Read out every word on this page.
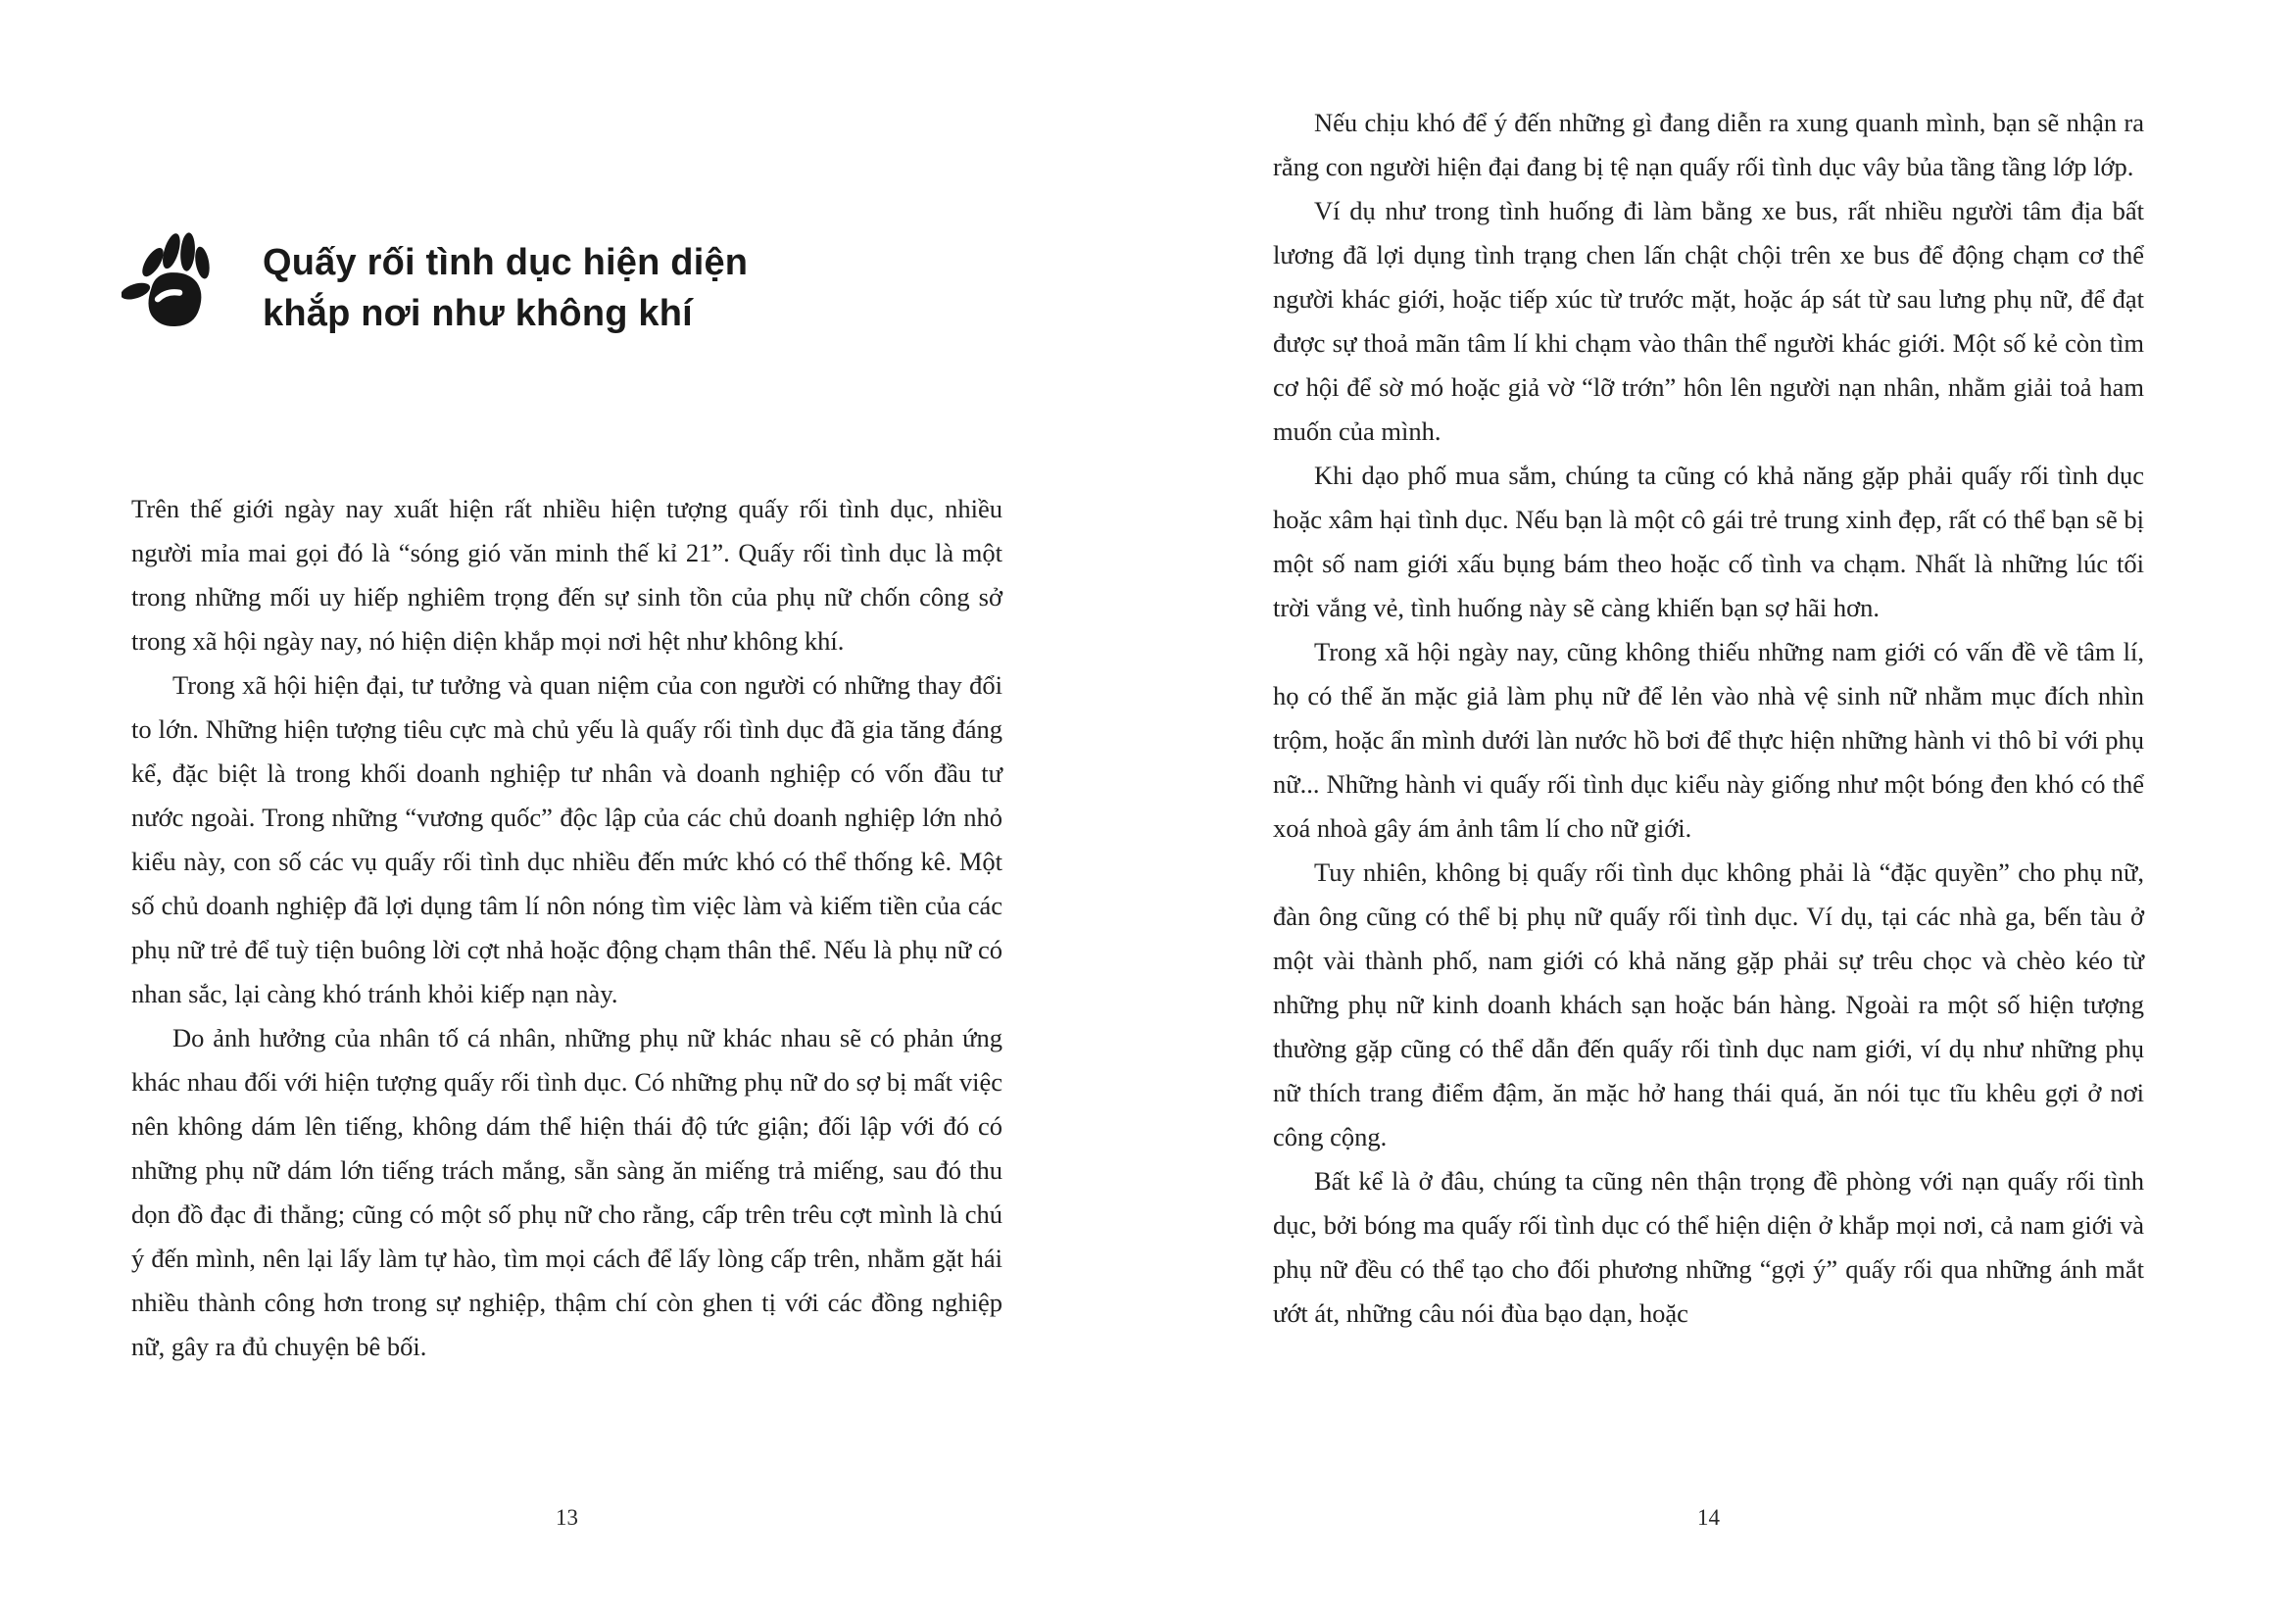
Quấy rối tình dục hiện diện khắp nơi như không khí

Trên thế giới ngày nay xuất hiện rất nhiều hiện tượng quấy rối tình dục, nhiều người mỉa mai gọi đó là “sóng gió văn minh thế kỉ 21”. Quấy rối tình dục là một trong những mối uy hiếp nghiêm trọng đến sự sinh tồn của phụ nữ chốn công sở trong xã hội ngày nay, nó hiện diện khắp mọi nơi hệt như không khí.

Trong xã hội hiện đại, tư tưởng và quan niệm của con người có những thay đổi to lớn. Những hiện tượng tiêu cực mà chủ yếu là quấy rối tình dục đã gia tăng đáng kể, đặc biệt là trong khối doanh nghiệp tư nhân và doanh nghiệp có vốn đầu tư nước ngoài. Trong những “vương quốc” độc lập của các chủ doanh nghiệp lớn nhỏ kiểu này, con số các vụ quấy rối tình dục nhiều đến mức khó có thể thống kê. Một số chủ doanh nghiệp đã lợi dụng tâm lí nôn nóng tìm việc làm và kiếm tiền của các phụ nữ trẻ để tuỳ tiện buông lời cợt nhả hoặc động chạm thân thể. Nếu là phụ nữ có nhan sắc, lại càng khó tránh khỏi kiếp nạn này.

Do ảnh hưởng của nhân tố cá nhân, những phụ nữ khác nhau sẽ có phản ứng khác nhau đối với hiện tượng quấy rối tình dục. Có những phụ nữ do sợ bị mất việc nên không dám lên tiếng, không dám thể hiện thái độ tức giận; đối lập với đó có những phụ nữ dám lớn tiếng trách mắng, sẵn sàng ăn miếng trả miếng, sau đó thu dọn đồ đạc đi thẳng; cũng có một số phụ nữ cho rằng, cấp trên trêu cợt mình là chú ý đến mình, nên lại lấy làm tự hào, tìm mọi cách để lấy lòng cấp trên, nhằm gặt hái nhiều thành công hơn trong sự nghiệp, thậm chí còn ghen tị với các đồng nghiệp nữ, gây ra đủ chuyện bê bối.

13

Nếu chịu khó để ý đến những gì đang diễn ra xung quanh mình, bạn sẽ nhận ra rằng con người hiện đại đang bị tệ nạn quấy rối tình dục vây bủa tầng tầng lớp lớp.

Ví dụ như trong tình huống đi làm bằng xe bus, rất nhiều người tâm địa bất lương đã lợi dụng tình trạng chen lấn chật chội trên xe bus để động chạm cơ thể người khác giới, hoặc tiếp xúc từ trước mặt, hoặc áp sát từ sau lưng phụ nữ, để đạt được sự thoả mãn tâm lí khi chạm vào thân thể người khác giới. Một số kẻ còn tìm cơ hội để sờ mó hoặc giả vờ “lỡ trớn” hôn lên người nạn nhân, nhằm giải toả ham muốn của mình.

Khi dạo phố mua sắm, chúng ta cũng có khả năng gặp phải quấy rối tình dục hoặc xâm hại tình dục. Nếu bạn là một cô gái trẻ trung xinh đẹp, rất có thể bạn sẽ bị một số nam giới xấu bụng bám theo hoặc cố tình va chạm. Nhất là những lúc tối trời vắng vẻ, tình huống này sẽ càng khiến bạn sợ hãi hơn.

Trong xã hội ngày nay, cũng không thiếu những nam giới có vấn đề về tâm lí, họ có thể ăn mặc giả làm phụ nữ để lẻn vào nhà vệ sinh nữ nhằm mục đích nhìn trộm, hoặc ẩn mình dưới làn nước hồ bơi để thực hiện những hành vi thô bỉ với phụ nữ... Những hành vi quấy rối tình dục kiểu này giống như một bóng đen khó có thể xoá nhoà gây ám ảnh tâm lí cho nữ giới.

Tuy nhiên, không bị quấy rối tình dục không phải là “đặc quyền” cho phụ nữ, đàn ông cũng có thể bị phụ nữ quấy rối tình dục. Ví dụ, tại các nhà ga, bến tàu ở một vài thành phố, nam giới có khả năng gặp phải sự trêu chọc và chèo kéo từ những phụ nữ kinh doanh khách sạn hoặc bán hàng. Ngoài ra một số hiện tượng thường gặp cũng có thể dẫn đến quấy rối tình dục nam giới, ví dụ như những phụ nữ thích trang điểm đậm, ăn mặc hở hang thái quá, ăn nói tục tĩu khêu gợi ở nơi công cộng.

Bất kể là ở đâu, chúng ta cũng nên thận trọng đề phòng với nạn quấy rối tình dục, bởi bóng ma quấy rối tình dục có thể hiện diện ở khắp mọi nơi, cả nam giới và phụ nữ đều có thể tạo cho đối phương những “gợi ý” quấy rối qua những ánh mắt ướt át, những câu nói đùa bạo dạn, hoặc

14
